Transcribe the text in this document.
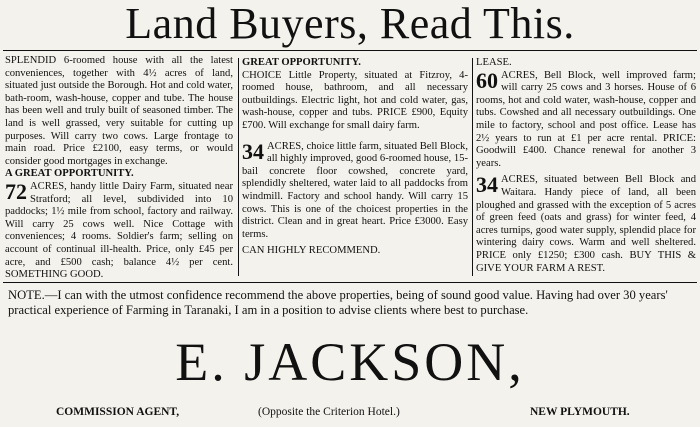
Land Buyers, Read This.

SPLENDID 6-roomed house with all the latest conveniences, together with 4½ acres of land, situated just outside the Borough. Hot and cold water, bath-room, wash-house, copper and tube. The house has been well and truly built of seasoned timber. The land is well grassed, very suitable for cutting up purposes. Will carry two cows. Large frontage to main road. Price £2100, easy terms, or would consider good mortgages in exchange.

A GREAT OPPORTUNITY.

72 ACRES, handy little Dairy Farm, situated near Stratford; all level, subdivided into 10 paddocks; 1½ mile from school, factory and railway. Will carry 25 cows well. Nice Cottage with conveniences; 4 rooms. Soldier's farm; selling on account of continual ill-health. Price, only £45 per acre, and £500 cash; balance 4½ per cent. SOMETHING GOOD.

GREAT OPPORTUNITY.

CHOICE Little Property, situated at Fitzroy, 4-roomed house, bathroom, and all necessary outbuildings. Electric light, hot and cold water, gas, wash-house, copper and tubs. PRICE £900, Equity £700. Will exchange for small dairy farm.

34 ACRES, choice little farm, situated Bell Block, all highly improved, good 6-roomed house, 15-bail concrete floor cowshed, concrete yard, splendidly sheltered, water laid to all paddocks from windmill. Factory and school handy. Will carry 15 cows. This is one of the choicest properties in the district. Clean and in great heart. Price £3000. Easy terms.

CAN HIGHLY RECOMMEND.

LEASE.

60 ACRES, Bell Block, well improved farm; will carry 25 cows and 3 horses. House of 6 rooms, hot and cold water, wash-house, copper and tubs. Cowshed and all necessary outbuildings. One mile to factory, school and post office. Lease has 2½ years to run at £1 per acre rental. PRICE: Goodwill £400. Chance renewal for another 3 years.

34 ACRES, situated between Bell Block and Waitara. Handy piece of land, all been ploughed and grassed with the exception of 5 acres of green feed (oats and grass) for winter feed, 4 acres turnips, good water supply, splendid place for wintering dairy cows. Warm and well sheltered. PRICE only £1250; £300 cash. BUY THIS & GIVE YOUR FARM A REST.

NOTE.—I can with the utmost confidence recommend the above properties, being of sound good value. Having had over 30 years' practical experience of Farming in Taranaki, I am in a position to advise clients where best to purchase.

E. JACKSON,
COMMISSION AGENT,	(Opposite the Criterion Hotel.)	NEW PLYMOUTH.
